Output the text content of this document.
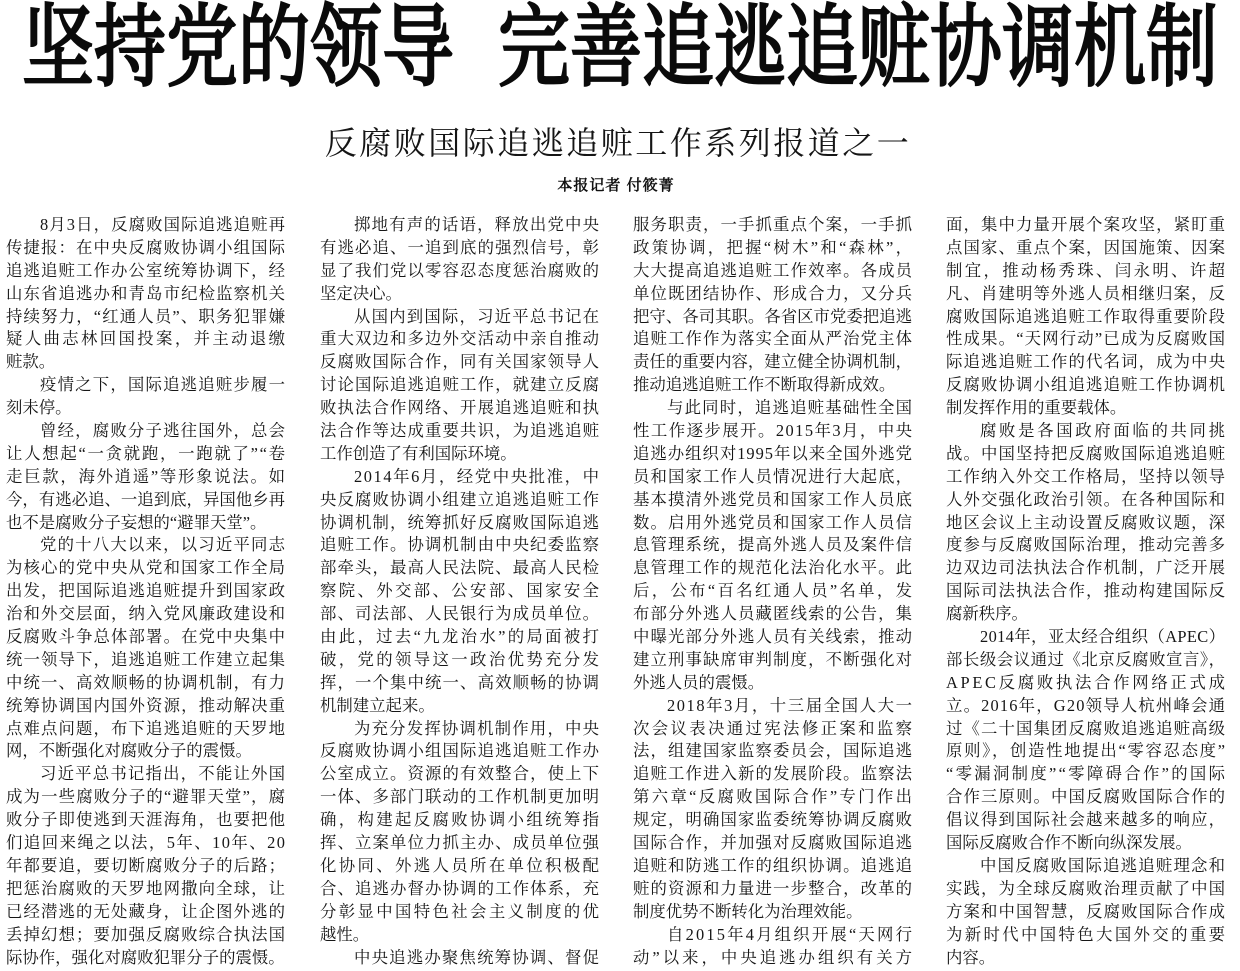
坚持党的领导 完善追逃追赃协调机制
反腐败国际追逃追赃工作系列报道之一
本报记者 付筱菁
8月3日，反腐败国际追逃追赃再
传捷报：在中央反腐败协调小组国际
追逃追赃工作办公室统筹协调下，经
山东省追逃办和青岛市纪检监察机关
持续努力，“红通人员”、职务犯罪嫌
疑人曲志林回国投案，并主动退缴
赃款。
疫情之下，国际追逃追赃步履一
刻未停。
曾经，腐败分子逃往国外，总会
让人想起“一贪就跑，一跑就了”“卷
走巨款，海外逍遥”等形象说法。如
今，有逃必追、一追到底，异国他乡再
也不是腐败分子妄想的“避罪天堂”。
党的十八大以来，以习近平同志
为核心的党中央从党和国家工作全局
出发，把国际追逃追赃提升到国家政
治和外交层面，纳入党风廉政建设和
反腐败斗争总体部署。在党中央集中
统一领导下，追逃追赃工作建立起集
中统一、高效顺畅的协调机制，有力
统筹协调国内国外资源，推动解决重
点难点问题，布下追逃追赃的天罗地
网，不断强化对腐败分子的震慑。
习近平总书记指出，不能让外国
成为一些腐败分子的“避罪天堂”，腐
败分子即使逃到天涯海角，也要把他
们追回来绳之以法，5年、10年、20
年都要追，要切断腐败分子的后路；
把惩治腐败的天罗地网撒向全球，让
已经潜逃的无处藏身，让企图外逃的
丢掉幻想；要加强反腐败综合执法国
际协作，强化对腐败犯罪分子的震慑。
掷地有声的话语，释放出党中央
有逃必追、一追到底的强烈信号，彰
显了我们党以零容忍态度惩治腐败的
坚定决心。
从国内到国际，习近平总书记在
重大双边和多边外交活动中亲自推动
反腐败国际合作，同有关国家领导人
讨论国际追逃追赃工作，就建立反腐
败执法合作网络、开展追逃追赃和执
法合作等达成重要共识，为追逃追赃
工作创造了有利国际环境。
2014年6月，经党中央批准，中
央反腐败协调小组建立追逃追赃工作
协调机制，统筹抓好反腐败国际追逃
追赃工作。协调机制由中央纪委监察
部牵头，最高人民法院、最高人民检
察院、外交部、公安部、国家安全
部、司法部、人民银行为成员单位。
由此，过去“九龙治水”的局面被打
破，党的领导这一政治优势充分发
挥，一个集中统一、高效顺畅的协调
机制建立起来。
为充分发挥协调机制作用，中央
反腐败协调小组国际追逃追赃工作办
公室成立。资源的有效整合，使上下
一体、多部门联动的工作机制更加明
确，构建起反腐败协调小组统筹指
挥、立案单位力抓主办、成员单位强
化协同、外逃人员所在单位积极配
合、追逃办督办协调的工作体系，充
分彰显中国特色社会主义制度的优
越性。
中央追逃办聚焦统筹协调、督促
服务职责，一手抓重点个案，一手抓
政策协调，把握“树木”和“森林”，
大大提高追逃追赃工作效率。各成员
单位既团结协作、形成合力，又分兵
把守、各司其职。各省区市党委把追逃
追赃工作作为落实全面从严治党主体
责任的重要内容，建立健全协调机制，
推动追逃追赃工作不断取得新成效。
与此同时，追逃追赃基础性全国
性工作逐步展开。2015年3月，中央
追逃办组织对1995年以来全国外逃党
员和国家工作人员情况进行大起底，
基本摸清外逃党员和国家工作人员底
数。启用外逃党员和国家工作人员信
息管理系统，提高外逃人员及案件信
息管理工作的规范化法治化水平。此
后，公布“百名红通人员”名单，发
布部分外逃人员藏匿线索的公告，集
中曝光部分外逃人员有关线索，推动
建立刑事缺席审判制度，不断强化对
外逃人员的震慑。
2018年3月，十三届全国人大一
次会议表决通过宪法修正案和监察
法，组建国家监察委员会，国际追逃
追赃工作进入新的发展阶段。监察法
第六章“反腐败国际合作”专门作出
规定，明确国家监委统筹协调反腐败
国际合作，并加强对反腐败国际追逃
追赃和防逃工作的组织协调。追逃追
赃的资源和力量进一步整合，改革的
制度优势不断转化为治理效能。
自2015年4月组织开展“天网行
动”以来，中央追逃办组织有关方
面，集中力量开展个案攻坚，紧盯重
点国家、重点个案，因国施策、因案
制宜，推动杨秀珠、闫永明、许超
凡、肖建明等外逃人员相继归案，反
腐败国际追逃追赃工作取得重要阶段
性成果。“天网行动”已成为反腐败国
际追逃追赃工作的代名词，成为中央
反腐败协调小组追逃追赃工作协调机
制发挥作用的重要载体。
腐败是各国政府面临的共同挑
战。中国坚持把反腐败国际追逃追赃
工作纳入外交工作格局，坚持以领导
人外交强化政治引领。在各种国际和
地区会议上主动设置反腐败议题，深
度参与反腐败国际治理，推动完善多
边双边司法执法合作机制，广泛开展
国际司法执法合作，推动构建国际反
腐新秩序。
2014年，亚太经合组织（APEC）
部长级会议通过《北京反腐败宣言》，
APEC反腐败执法合作网络正式成
立。2016年，G20领导人杭州峰会通
过《二十国集团反腐败追逃追赃高级
原则》，创造性地提出“零容忍态度”
“零漏洞制度”“零障碍合作”的国际
合作三原则。中国反腐败国际合作的
倡议得到国际社会越来越多的响应，
国际反腐败合作不断向纵深发展。
中国反腐败国际追逃追赃理念和
实践，为全球反腐败治理贡献了中国
方案和中国智慧，反腐败国际合作成
为新时代中国特色大国外交的重要
内容。
